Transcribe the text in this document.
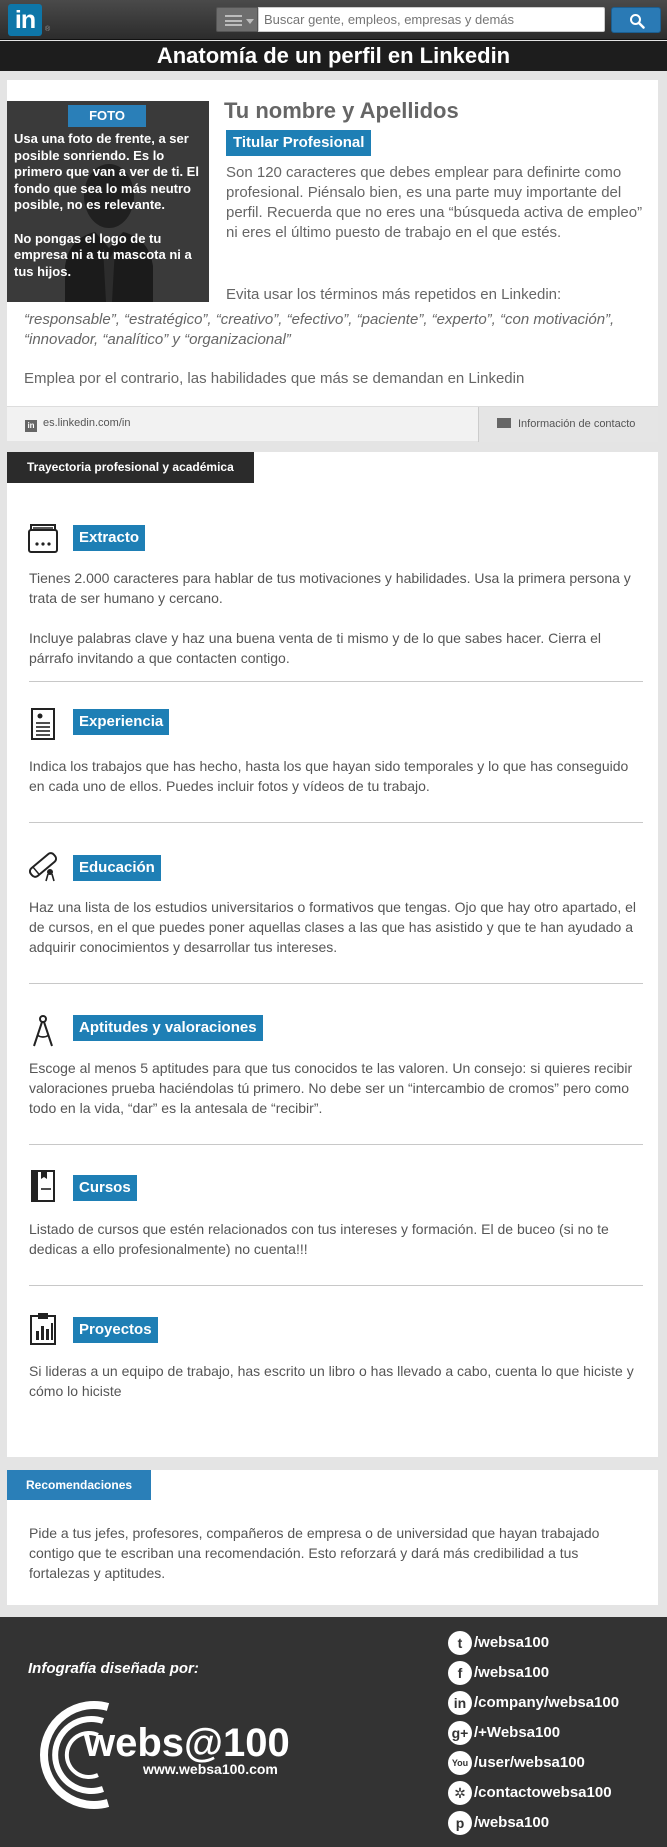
in	®
Buscar gente, empleos, empresas y demás
Anatomía de un perfil en Linkedin
FOTO
Usa una foto de frente, a ser posible sonriendo. Es lo primero que van a ver de ti. El fondo que sea lo más neutro posible, no es relevante.

No pongas el logo de tu empresa ni a tu mascota ni a tus hijos.
Tu nombre y Apellidos
Titular Profesional
Son 120 caracteres que debes emplear para definirte como profesional. Piénsalo bien, es una parte muy importante del perfil. Recuerda que no eres una “búsqueda activa de empleo” ni eres el último puesto de trabajo en el que estés.
Evita usar los términos más repetidos en Linkedin:
“responsable”, “estratégico”, “creativo”, “efectivo”, “paciente”, “experto”, “con motivación”, “innovador, “analítico” y “organizacional”
Emplea por el contrario, las habilidades que más se demandan en Linkedin
in es.linkedin.com/in	Información de contacto
Trayectoria profesional y académica
Extracto
Tienes 2.000 caracteres para hablar de tus motivaciones y habilidades. Usa la primera persona y trata de ser humano y cercano.

Incluye palabras clave y haz una buena venta de ti mismo y de lo que sabes hacer. Cierra el párrafo invitando a que contacten contigo.
Experiencia
Indica los trabajos que has hecho, hasta los que hayan sido temporales y lo que has conseguido en cada uno de ellos. Puedes incluir fotos y vídeos de tu trabajo.
Educación
Haz una lista de los estudios universitarios o formativos que tengas. Ojo que hay otro apartado, el de cursos, en el que puedes poner aquellas clases a las que has asistido y que te han ayudado a adquirir conocimientos y desarrollar tus intereses.
Aptitudes y valoraciones
Escoge al menos 5 aptitudes para que tus conocidos te las valoren. Un consejo: si quieres recibir valoraciones prueba haciéndolas tú primero. No debe ser un “intercambio de cromos” pero como todo en la vida, “dar” es la antesala de “recibir”.
Cursos
Listado de cursos que estén relacionados con tus intereses y formación. El de buceo (si no te dedicas a ello profesionalmente) no cuenta!!!
Proyectos
Si lideras a un equipo de trabajo, has escrito un libro o has llevado a cabo, cuenta lo que hiciste y cómo lo hiciste
Recomendaciones
Pide a tus jefes, profesores, compañeros de empresa o de universidad que hayan trabajado contigo que te escriban una recomendación. Esto reforzará y dará más credibilidad a tus fortalezas y aptitudes.
Infografía diseñada por:
webs@100
www.websa100.com
t /websa100
f /websa100
in /company/websa100
g+ /+Websa100
You /user/websa100
✲ /contactowebsa100
p /websa100
